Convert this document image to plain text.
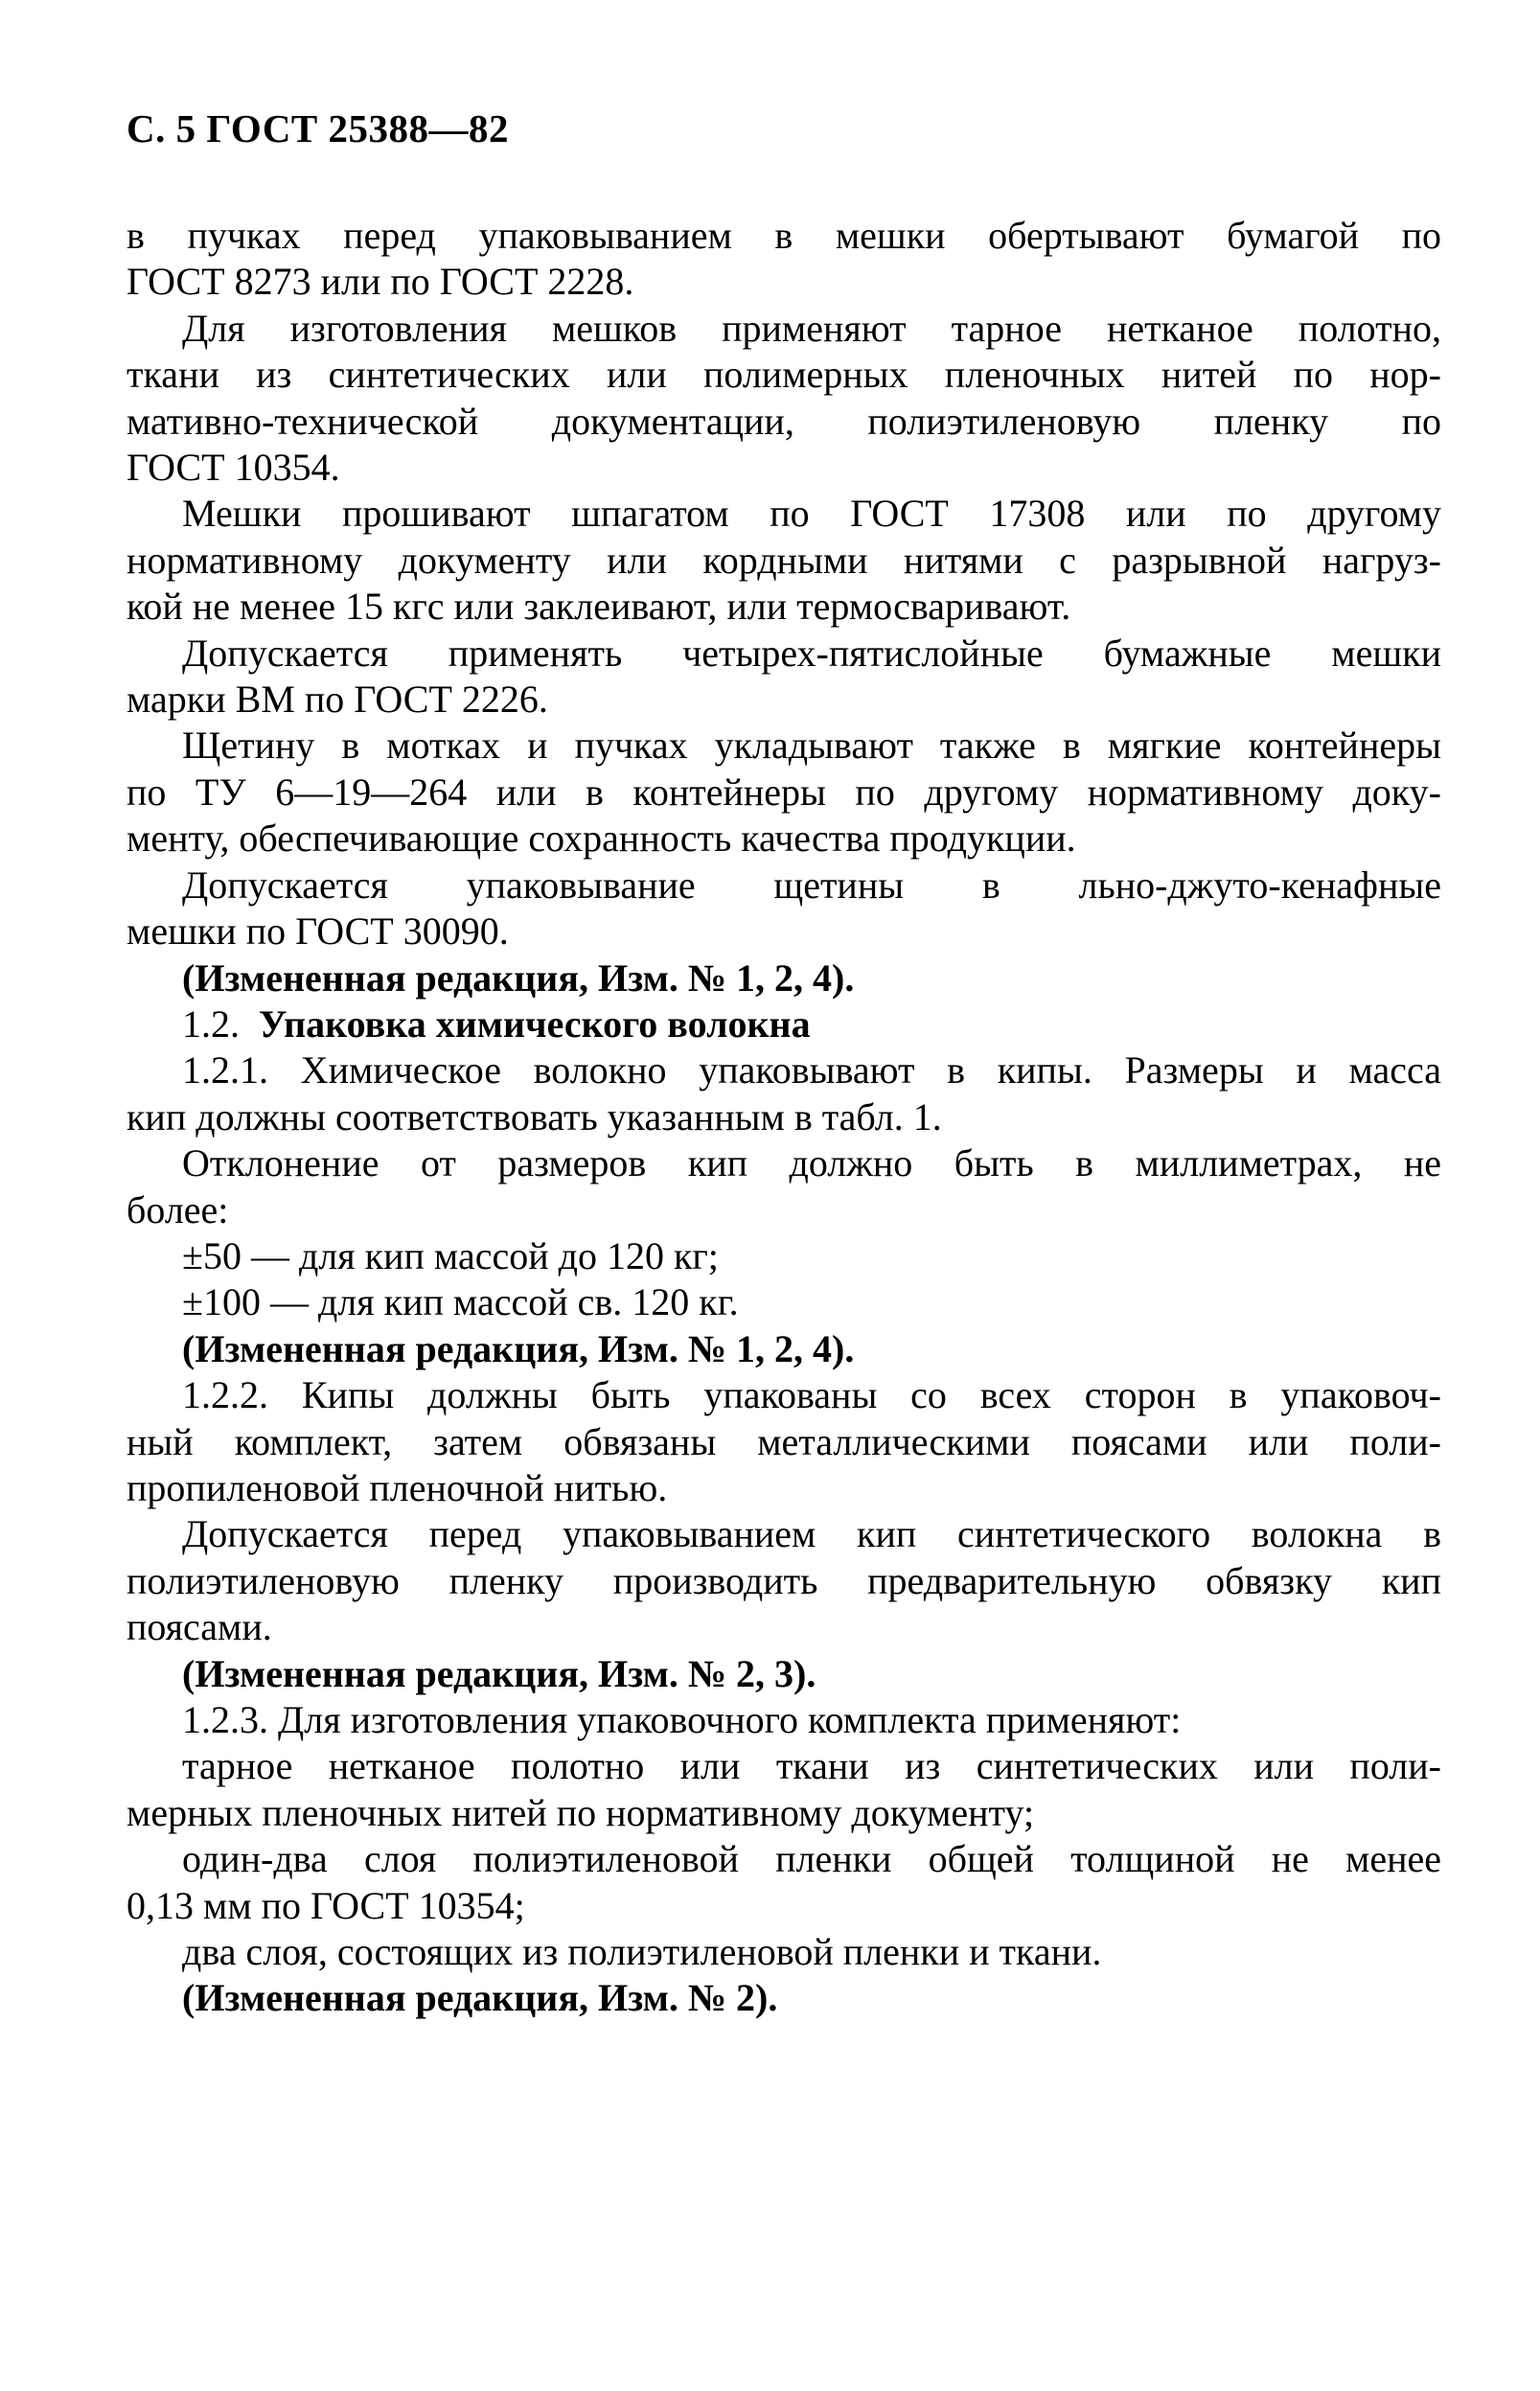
С. 5 ГОСТ 25388—82
в пучках перед упаковыванием в мешки обертывают бумагой по
ГОСТ 8273 или по ГОСТ 2228.
Для изготовления мешков применяют тарное нетканое полотно,
ткани из синтетических или полимерных пленочных нитей по нор-
мативно-технической документации, полиэтиленовую пленку по
ГОСТ 10354.
Мешки прошивают шпагатом по ГОСТ 17308 или по другому
нормативному документу или кордными нитями с разрывной нагруз-
кой не менее 15 кгс или заклеивают, или термосваривают.
Допускается применять четырех-пятислойные бумажные мешки
марки ВМ по ГОСТ 2226.
Щетину в мотках и пучках укладывают также в мягкие контейнеры
по ТУ 6—19—264 или в контейнеры по другому нормативному доку-
менту, обеспечивающие сохранность качества продукции.
Допускается упаковывание щетины в льно-джуто-кенафные
мешки по ГОСТ 30090.
(Измененная редакция, Изм. № 1, 2, 4).
1.2. Упаковка химического волокна
1.2.1. Химическое волокно упаковывают в кипы. Размеры и масса
кип должны соответствовать указанным в табл. 1.
Отклонение от размеров кип должно быть в миллиметрах, не
более:
±50 — для кип массой до 120 кг;
±100 — для кип массой св. 120 кг.
(Измененная редакция, Изм. № 1, 2, 4).
1.2.2. Кипы должны быть упакованы со всех сторон в упаковоч-
ный комплект, затем обвязаны металлическими поясами или поли-
пропиленовой пленочной нитью.
Допускается перед упаковыванием кип синтетического волокна в
полиэтиленовую пленку производить предварительную обвязку кип
поясами.
(Измененная редакция, Изм. № 2, 3).
1.2.3. Для изготовления упаковочного комплекта применяют:
тарное нетканое полотно или ткани из синтетических или поли-
мерных пленочных нитей по нормативному документу;
один-два слоя полиэтиленовой пленки общей толщиной не менее
0,13 мм по ГОСТ 10354;
два слоя, состоящих из полиэтиленовой пленки и ткани.
(Измененная редакция, Изм. № 2).
